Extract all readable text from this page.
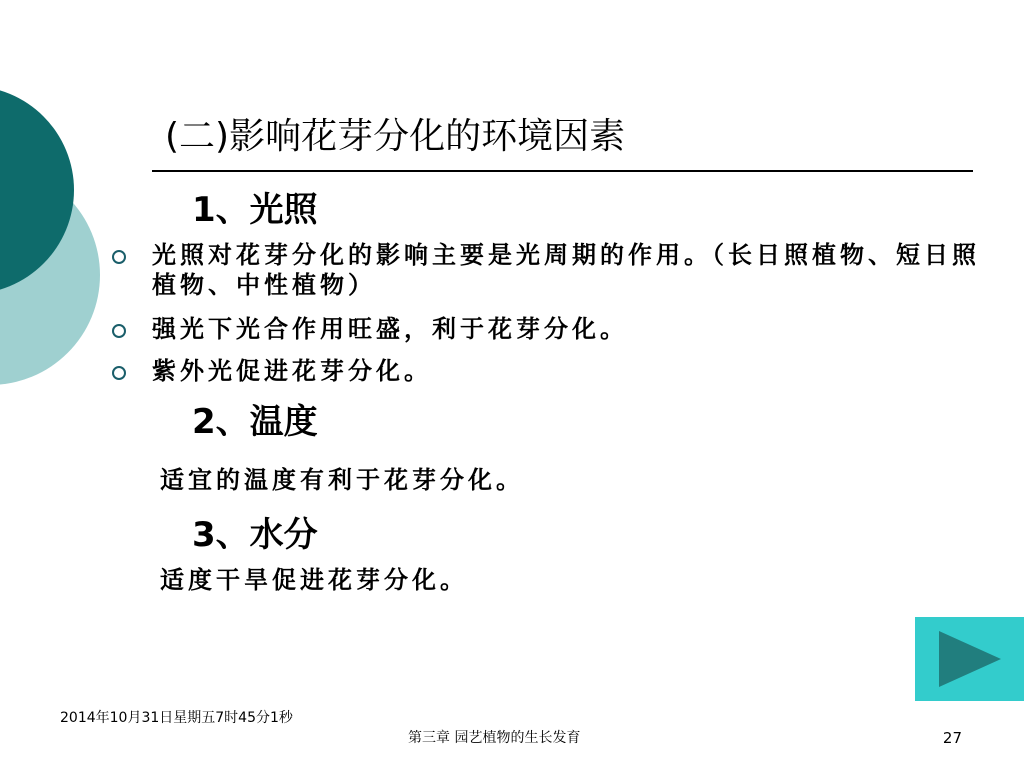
(二)影响花芽分化的环境因素
1、光照
光照对花芽分化的影响主要是光周期的作用。（长日照植物、短日照植物、中性植物）
强光下光合作用旺盛，利于花芽分化。
紫外光促进花芽分化。
2、温度
适宜的温度有利于花芽分化。
3、水分
适度干旱促进花芽分化。
2014年10月31日星期五7时45分1秒
第三章 园艺植物的生长发育	27
